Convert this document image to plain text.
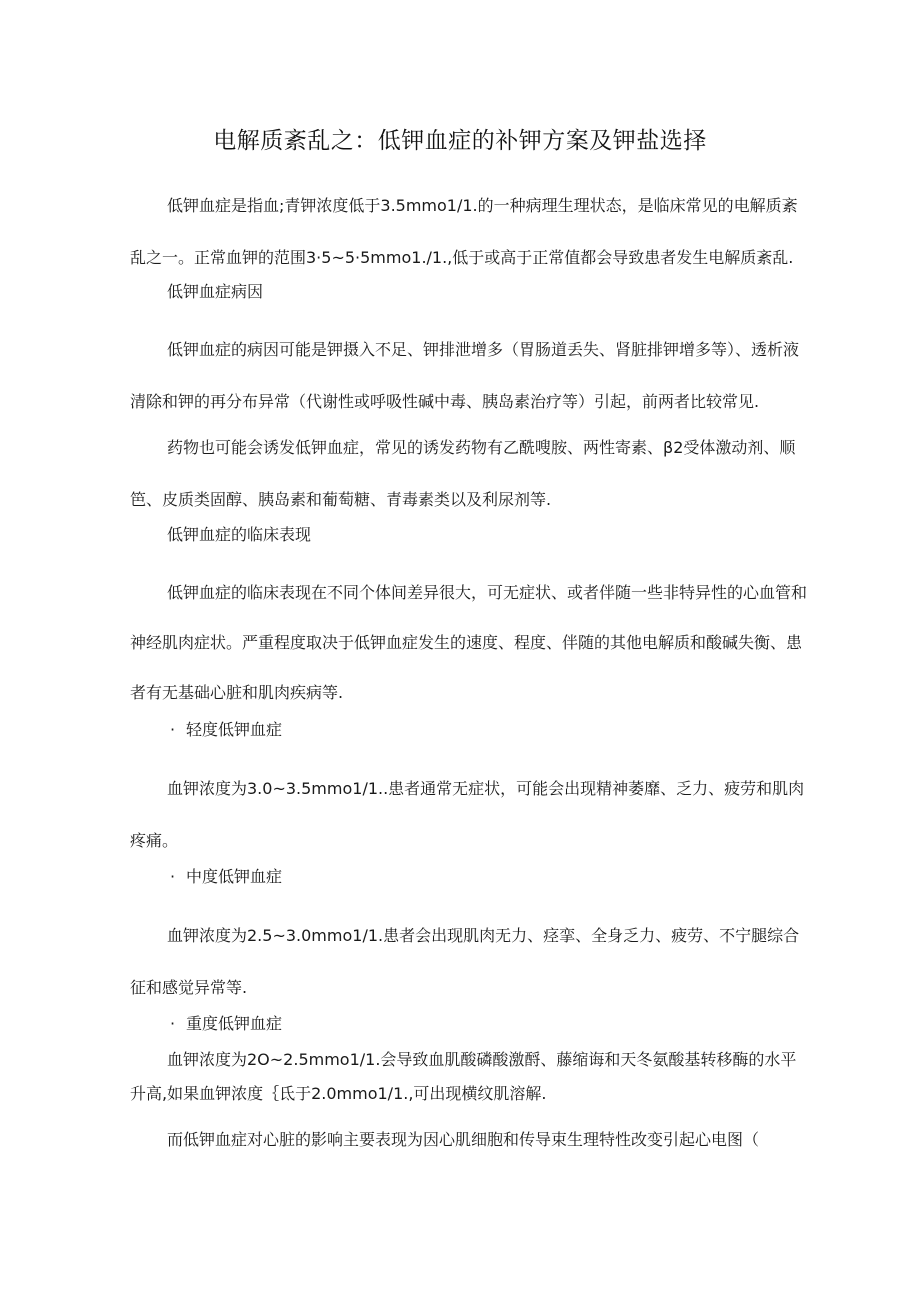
电解质紊乱之：低钾血症的补钾方案及钾盐选择
低钾血症是指血;青钾浓度低于3.5mmo1∕1.的一种病理生理状态，是临床常见的电解质紊
乱之一。正常血钾的范围3·5~5·5mmo1./1.,低于或高于正常值都会导致患者发生电解质紊乱.
低钾血症病因
低钾血症的病因可能是钾摄入不足、钾排泄增多（胃肠道丢失、肾脏排钾增多等）、透析液
清除和钾的再分布异常（代谢性或呼吸性碱中毒、胰岛素治疗等）引起，前两者比较常见.
药物也可能会诱发低钾血症，常见的诱发药物有乙酰嗖胺、两性寄素、β2受体激动剂、顺
笆、皮质类固醇、胰岛素和葡萄糖、青毒素类以及利尿剂等.
低钾血症的临床表现
低钾血症的临床表现在不同个体间差异很大，可无症状、或者伴随一些非特异性的心血管和
神经肌肉症状。严重程度取决于低钾血症发生的速度、程度、伴随的其他电解质和酸碱失衡、患
者有无基础心脏和肌肉疾病等.
· 轻度低钾血症
血钾浓度为3.0~3.5mmo1∕1..患者通常无症状，可能会出现精神萎靡、乏力、疲劳和肌肉
疼痛。
· 中度低钾血症
血钾浓度为2.5~3.0mmo1∕1.患者会出现肌肉无力、痉挛、全身乏力、疲劳、不宁腿综合
征和感觉异常等.
· 重度低钾血症
血钾浓度为2O~2.5mmo1∕1.会导致血肌酸磷酸激酹、藤缩诲和天冬氨酸基转移酶的水平
升高,如果血钾浓度｛氐于2.0mmo1∕1.,可出现横纹肌溶解.
而低钾血症对心脏的影响主要表现为因心肌细胞和传导束生理特性改变引起心电图（
